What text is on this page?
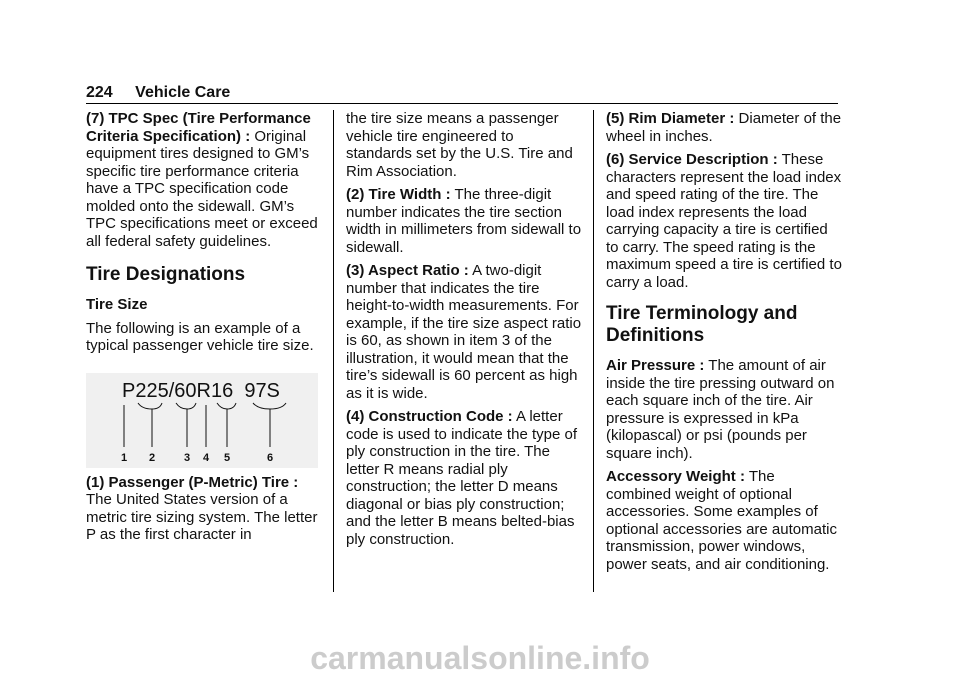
224 Vehicle Care

(7) TPC Spec (Tire Performance Criteria Specification) : Original equipment tires designed to GM’s specific tire performance criteria have a TPC specification code molded onto the sidewall. GM’s TPC specifications meet or exceed all federal safety guidelines.

Tire Designations
Tire Size

The following is an example of a typical passenger vehicle tire size.

P225/60R16  97S
1 2	3 4 5	6

(1) Passenger (P-Metric) Tire : The United States version of a metric tire sizing system. The letter P as the first character in

the tire size means a passenger vehicle tire engineered to standards set by the U.S. Tire and Rim Association.

(2) Tire Width : The three-digit number indicates the tire section width in millimeters from sidewall to sidewall.

(3) Aspect Ratio : A two-digit number that indicates the tire height-to-width measurements. For example, if the tire size aspect ratio is 60, as shown in item 3 of the illustration, it would mean that the tire’s sidewall is 60 percent as high as it is wide.

(4) Construction Code : A letter code is used to indicate the type of ply construction in the tire. The letter R means radial ply construction; the letter D means diagonal or bias ply construction; and the letter B means belted-bias ply construction.

(5) Rim Diameter : Diameter of the wheel in inches.

(6) Service Description : These characters represent the load index and speed rating of the tire. The load index represents the load carrying capacity a tire is certified to carry. The speed rating is the maximum speed a tire is certified to carry a load.

Tire Terminology and Definitions

Air Pressure : The amount of air inside the tire pressing outward on each square inch of the tire. Air pressure is expressed in kPa (kilopascal) or psi (pounds per square inch).

Accessory Weight : The combined weight of optional accessories. Some examples of optional accessories are automatic transmission, power windows, power seats, and air conditioning.

carmanualsonline.info
